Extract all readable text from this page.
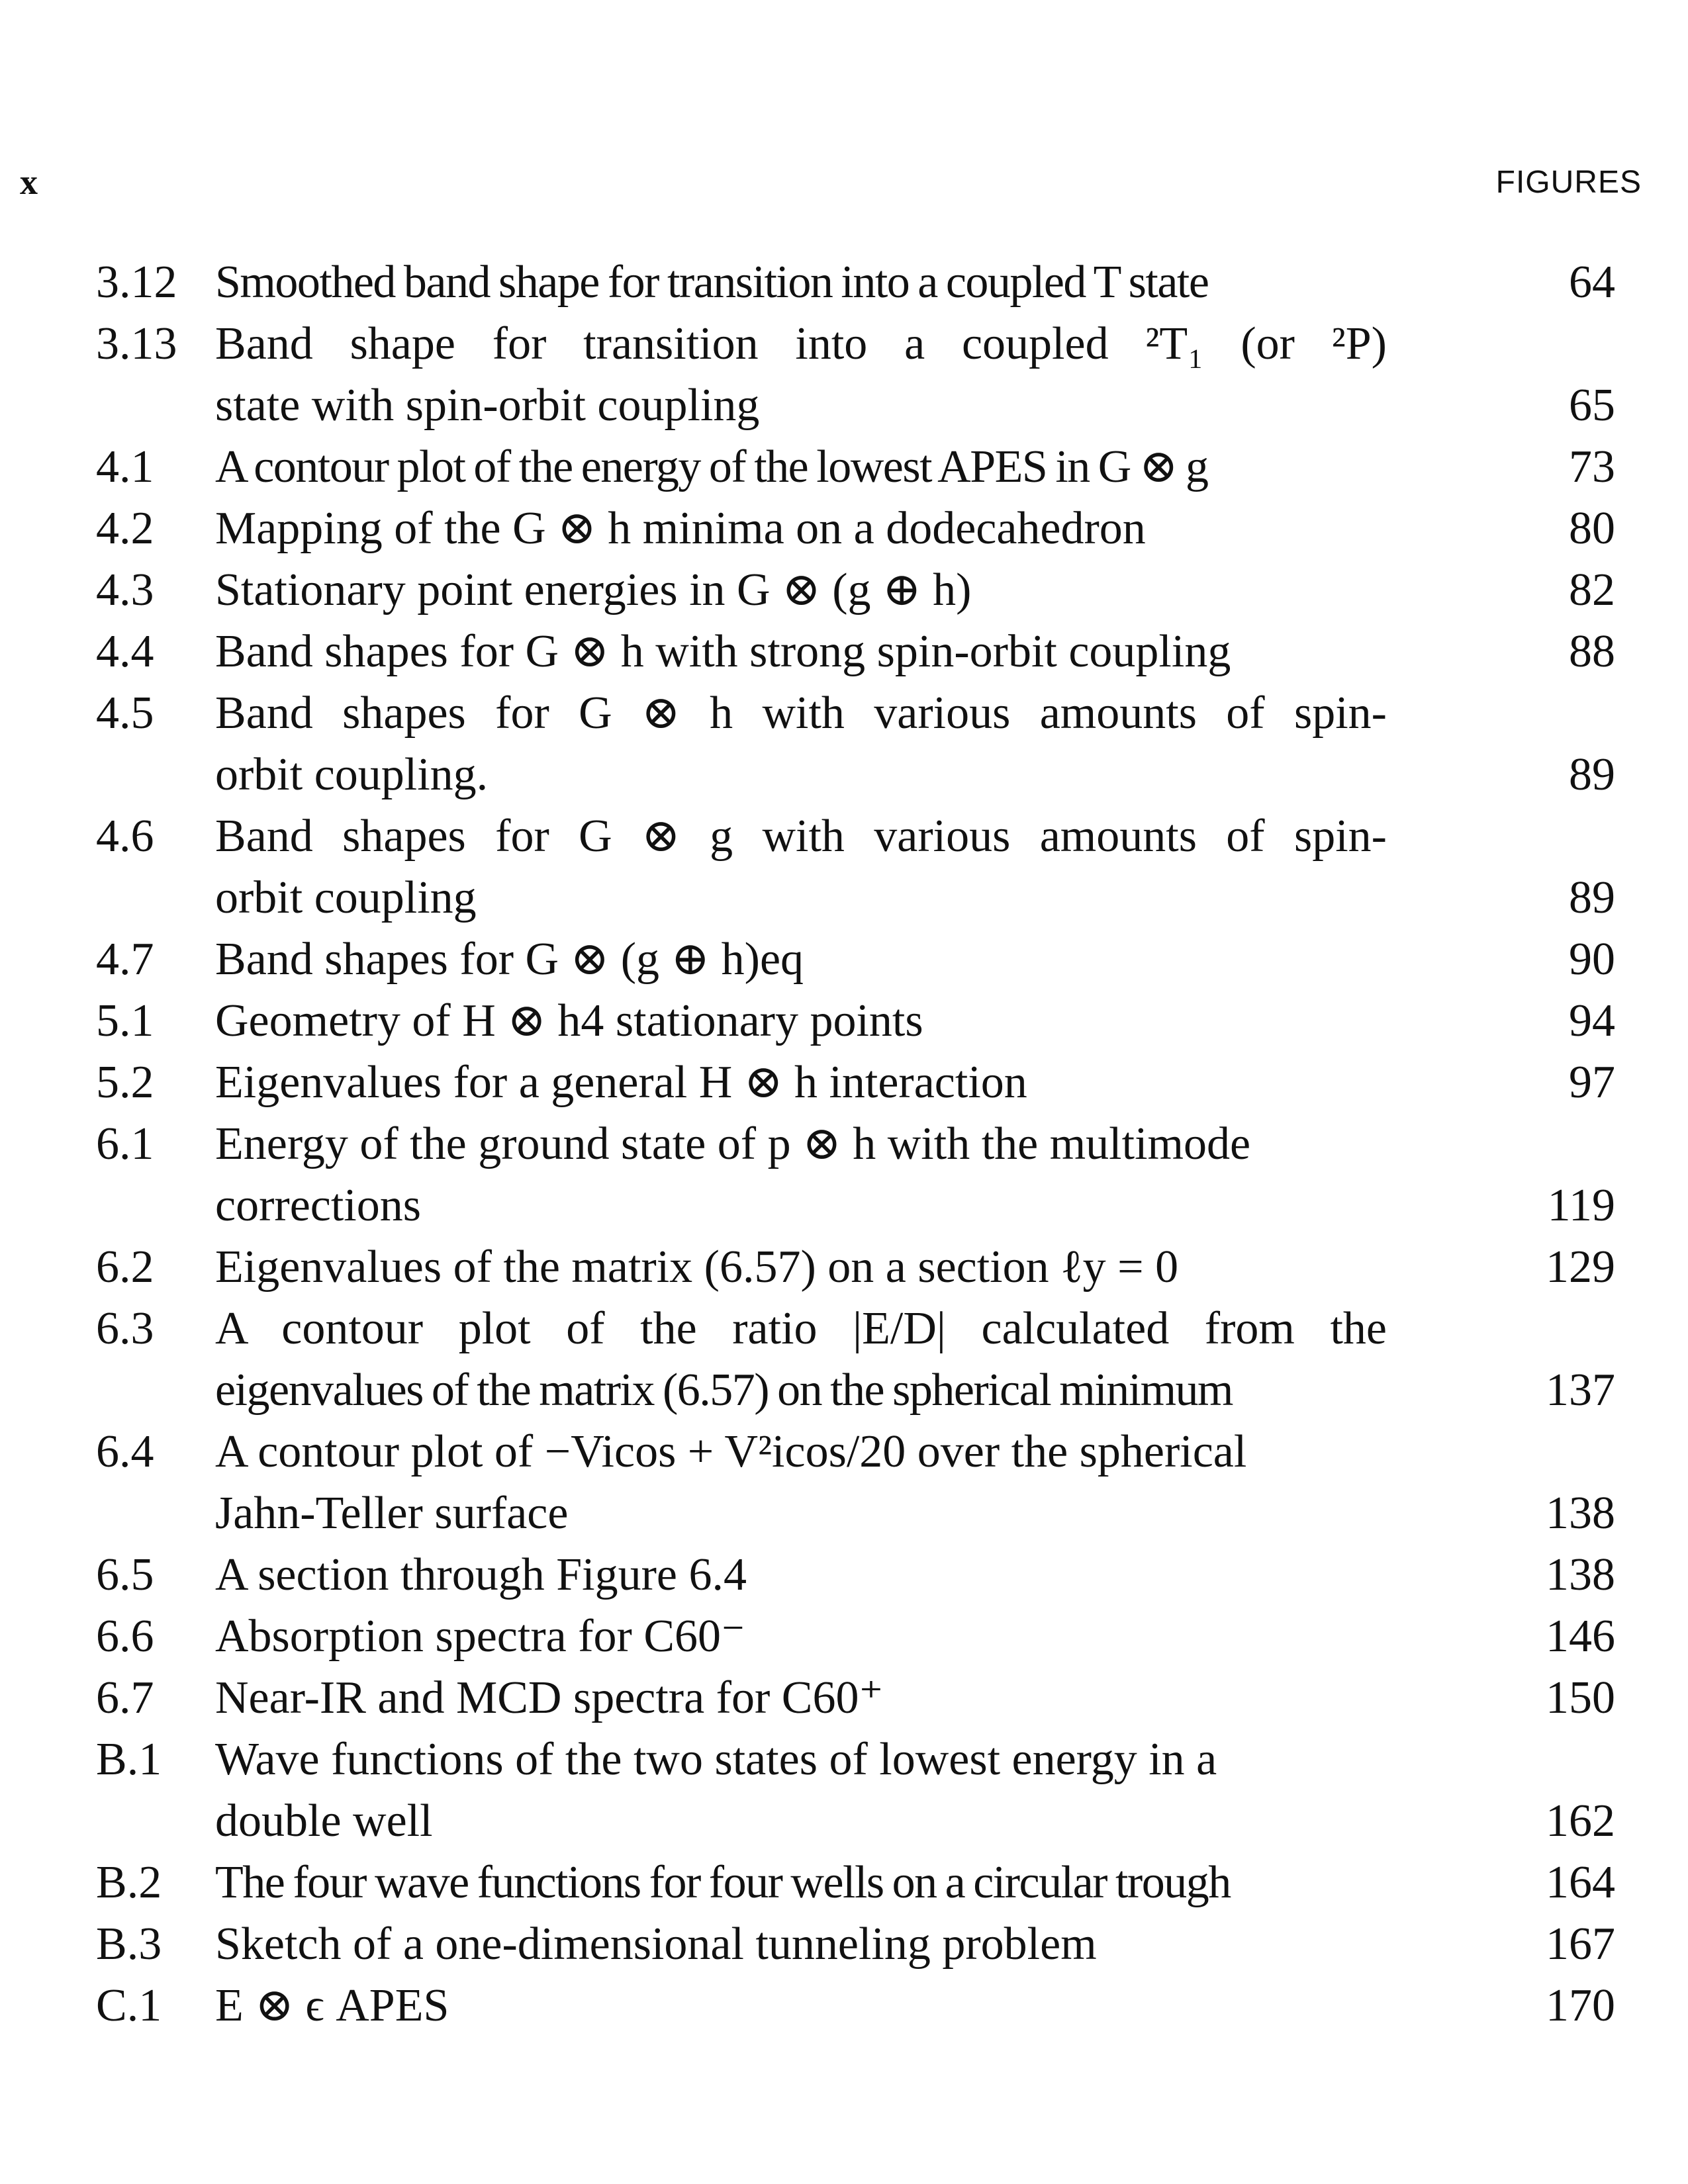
x	FIGURES
3.12 Smoothed band shape for transition into a coupled T state	64
3.13 Band shape for transition into a coupled ²T₁ (or ²P)
state with spin-orbit coupling	65
4.1 A contour plot of the energy of the lowest APES in G ⊗ g	73
4.2 Mapping of the G ⊗ h minima on a dodecahedron	80
4.3 Stationary point energies in G ⊗ (g ⊕ h)	82
4.4 Band shapes for G ⊗ h with strong spin-orbit coupling	88
4.5 Band shapes for G ⊗ h with various amounts of spin-
orbit coupling.	89
4.6 Band shapes for G ⊗ g with various amounts of spin-
orbit coupling	89
4.7 Band shapes for G ⊗ (g ⊕ h)eq	90
5.1 Geometry of H ⊗ h4 stationary points	94
5.2 Eigenvalues for a general H ⊗ h interaction	97
6.1 Energy of the ground state of p ⊗ h with the multimode
corrections	119
6.2 Eigenvalues of the matrix (6.57) on a section ℓy = 0	129
6.3 A contour plot of the ratio |E/D| calculated from the
eigenvalues of the matrix (6.57) on the spherical minimum	137
6.4 A contour plot of −Vicos + V²icos/20 over the spherical
Jahn-Teller surface	138
6.5 A section through Figure 6.4	138
6.6 Absorption spectra for C60⁻	146
6.7 Near-IR and MCD spectra for C60⁺	150
B.1 Wave functions of the two states of lowest energy in a
double well	162
B.2 The four wave functions for four wells on a circular trough	164
B.3 Sketch of a one-dimensional tunneling problem	167
C.1 E ⊗ ϵ APES	170
